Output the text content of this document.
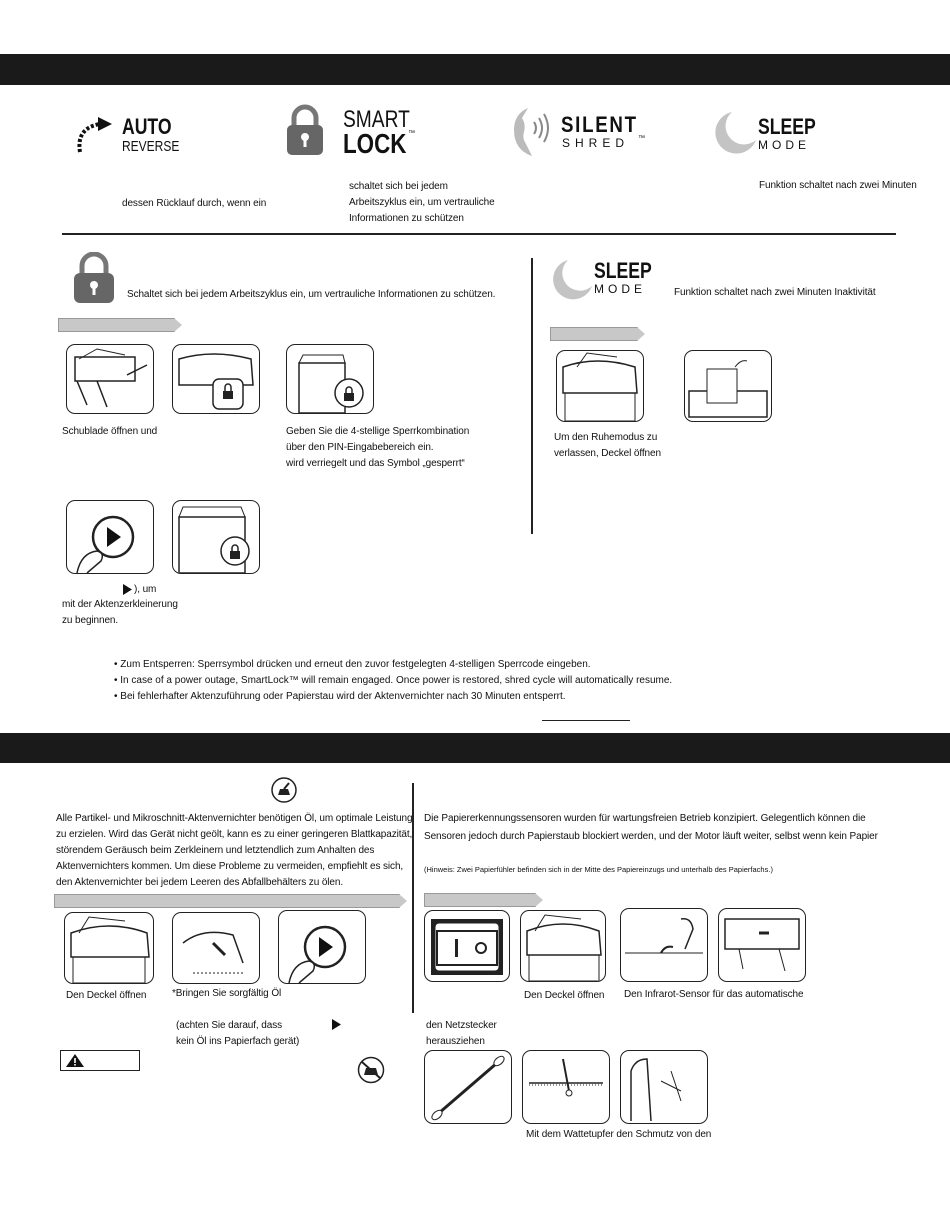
AUTO
REVERSE
dessen Rücklauf durch, wenn ein
SMART
LOCK ™
schaltet sich bei jedem
Arbeitszyklus ein, um vertrauliche
Informationen zu schützen
SILENT
SHRED ™	SLEEP
MODE
Funktion schaltet nach zwei Minuten
Schaltet sich bei jedem Arbeitszyklus ein, um vertrauliche Informationen zu schützen.
Schublade öffnen und	Geben Sie die 4-stellige Sperrkombination
über den PIN-Eingabebereich ein.
wird verriegelt und das Symbol „gesperrt“
), um
mit der Aktenzerkleinerung
zu beginnen.
SLEEP
MODE	Funktion schaltet nach zwei Minuten Inaktivität
Um den Ruhemodus zu
verlassen, Deckel öffnen
• Zum Entsperren: Sperrsymbol drücken und erneut den zuvor festgelegten 4-stelligen Sperrcode eingeben.
• In case of a power outage, SmartLock™ will remain engaged. Once power is restored, shred cycle will automatically resume.
• Bei fehlerhafter Aktenzuführung oder Papierstau wird der Aktenvernichter nach 30 Minuten entsperrt.
Alle Partikel- und Mikroschnitt-Aktenvernichter benötigen Öl, um optimale Leistung
zu erzielen. Wird das Gerät nicht geölt, kann es zu einer geringeren Blattkapazität,
störendem Geräusch beim Zerkleinern und letztendlich zum Anhalten des
Aktenvernichters kommen. Um diese Probleme zu vermeiden, empfiehlt es sich,
den Aktenvernichter bei jedem Leeren des Abfallbehälters zu ölen.
Den Deckel öffnen	*Bringen Sie sorgfältig Öl
(achten Sie darauf, dass
kein Öl ins Papierfach gerät)
Die Papiererkennungssensoren wurden für wartungsfreien Betrieb konzipiert. Gelegentlich können die
Sensoren jedoch durch Papierstaub blockiert werden, und der Motor läuft weiter, selbst wenn kein Papier
(Hinweis: Zwei Papierfühler befinden sich in der Mitte des Papiereinzugs und unterhalb des Papierfachs.)
Den Deckel öffnen Den Infrarot-Sensor für das automatische
den Netzstecker
herausziehen
Mit dem Wattetupfer den Schmutz von den
